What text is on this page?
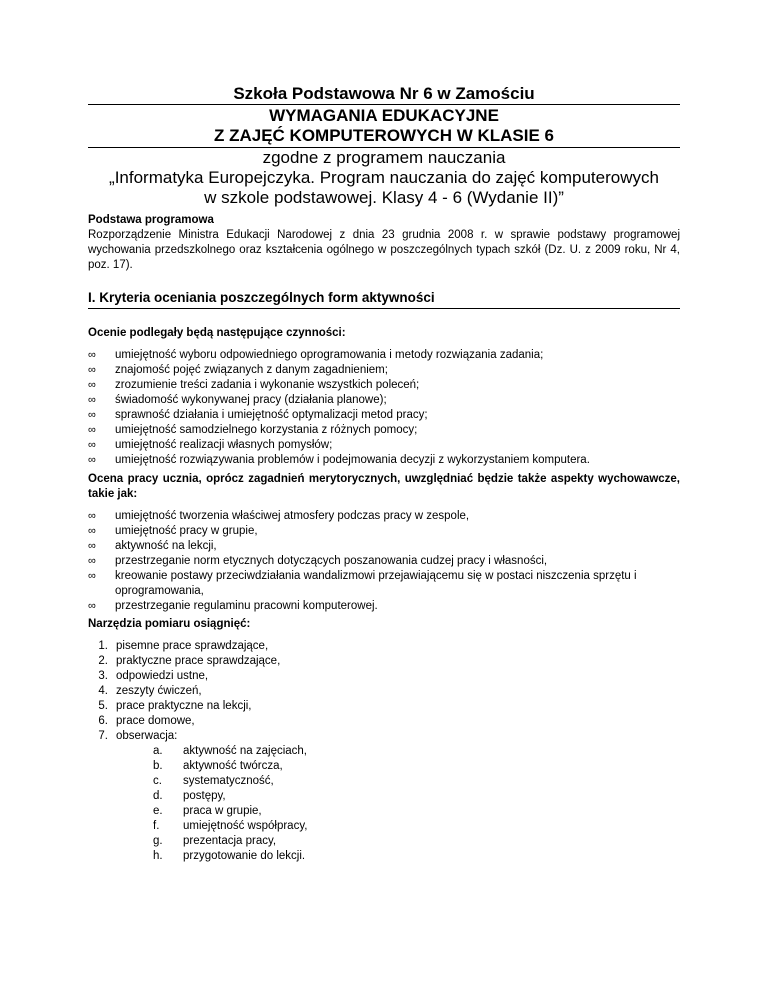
Szkoła Podstawowa Nr 6 w Zamościu
WYMAGANIA EDUKACYJNE
Z ZAJĘĆ KOMPUTEROWYCH W KLASIE 6
zgodne z programem nauczania
„Informatyka Europejczyka. Program nauczania do zajęć komputerowych
w szkole podstawowej. Klasy 4 - 6 (Wydanie II)”
Podstawa programowa
Rozporządzenie Ministra Edukacji Narodowej z dnia 23 grudnia 2008 r. w sprawie podstawy programowej wychowania przedszkolnego oraz kształcenia ogólnego w poszczególnych typach szkół (Dz. U. z 2009 roku, Nr 4, poz. 17).
I. Kryteria oceniania poszczególnych form aktywności
Ocenie podlegały będą następujące czynności:
∞ umiejętność wyboru odpowiedniego oprogramowania i metody rozwiązania zadania;
∞ znajomość pojęć związanych z danym zagadnieniem;
∞ zrozumienie treści zadania i wykonanie wszystkich poleceń;
∞ świadomość wykonywanej pracy (działania planowe);
∞ sprawność działania i umiejętność optymalizacji metod pracy;
∞ umiejętność samodzielnego korzystania z różnych pomocy;
∞ umiejętność realizacji własnych pomysłów;
∞ umiejętność rozwiązywania problemów i podejmowania decyzji z wykorzystaniem komputera.
Ocena pracy ucznia, oprócz zagadnień merytorycznych, uwzględniać będzie także aspekty wychowawcze, takie jak:
∞ umiejętność tworzenia właściwej atmosfery podczas pracy w zespole,
∞ umiejętność pracy w grupie,
∞ aktywność na lekcji,
∞ przestrzeganie norm etycznych dotyczących poszanowania cudzej pracy i własności,
∞ kreowanie postawy przeciwdziałania wandalizmowi przejawiającemu się w postaci niszczenia sprzętu i oprogramowania,
∞ przestrzeganie regulaminu pracowni komputerowej.
Narzędzia pomiaru osiągnięć:
1. pisemne prace sprawdzające,
2. praktyczne prace sprawdzające,
3. odpowiedzi ustne,
4. zeszyty ćwiczeń,
5. prace praktyczne na lekcji,
6. prace domowe,
7. obserwacja:
a.	aktywność na zajęciach,
b.	aktywność twórcza,
c.	systematyczność,
d.	postępy,
e.	praca w grupie,
f.	umiejętność współpracy,
g.	prezentacja pracy,
h.	przygotowanie do lekcji.
